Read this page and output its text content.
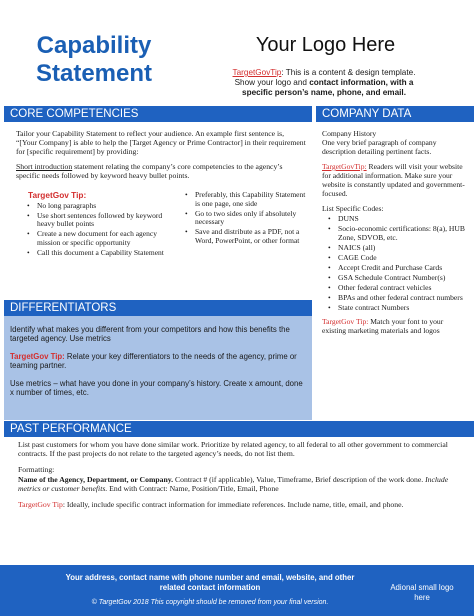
Capability
Statement
Your Logo Here
TargetGovTip: This is a content & design template.
Show your logo and contact information, with a
specific person’s name, phone, and email.
CORE COMPETENCIES	COMPANY DATA

Tailor your Capability Statement to reflect your audience. An example first sentence is, “[Your Company] is able to help the [Target Agency or Prime Contractor] in their requirement for [specific requirement] by providing:

Short introduction statement relating the company’s core competencies to the agency’s specific needs followed by keyword heavy bullet points.

TargetGov Tip:
• No long paragraphs
• Use short sentences followed by keyword heavy bullet points
• Create a new document for each agency mission or specific opportunity
• Call this document a Capability Statement
• Preferably, this Capability Statement is one page, one side
• Go to two sides only if absolutely necessary
• Save and distribute as a PDF, not a Word, PowerPoint, or other format
Company History

One very brief paragraph of company description detailing pertinent facts.

TargetGovTip: Readers will visit your website for additional information. Make sure your website is constantly updated and government-focused.

List Specific Codes:
• DUNS
• Socio-economic certifications: 8(a), HUB Zone, SDVOB, etc.
• NAICS (all)
• CAGE Code
• Accept Credit and Purchase Cards
• GSA Schedule Contract Number(s)
• Other federal contract vehicles
• BPAs and other federal contract numbers
• State contract Numbers

TargetGov Tip: Match your font to your existing marketing materials and logos

DIFFERENTIATORS

Identify what makes you different from your competitors and how this benefits the targeted agency. Use metrics

TargetGov Tip: Relate your key differentiators to the needs of the agency, prime or teaming partner.

Use metrics – what have you done in your company’s history. Create x amount, done x number of times, etc.

PAST PERFORMANCE

List past customers for whom you have done similar work. Prioritize by related agency, to all federal to all other government to commercial contracts. If the past projects do not relate to the targeted agency’s needs, do not list them.

Formatting:

Name of the Agency, Department, or Company. Contract # (if applicable), Value, Timeframe, Brief description of the work done. Include metrics or customer benefits. End with Contract: Name, Position/Title, Email, Phone

TargetGov Tip: Ideally, include specific contract information for immediate references. Include name, title, email, and phone.

Your address, contact name with phone number and email, website, and other
related contact information
© TargetGov 2018 This copyright should be removed from your final version.
Adional small logo
here
